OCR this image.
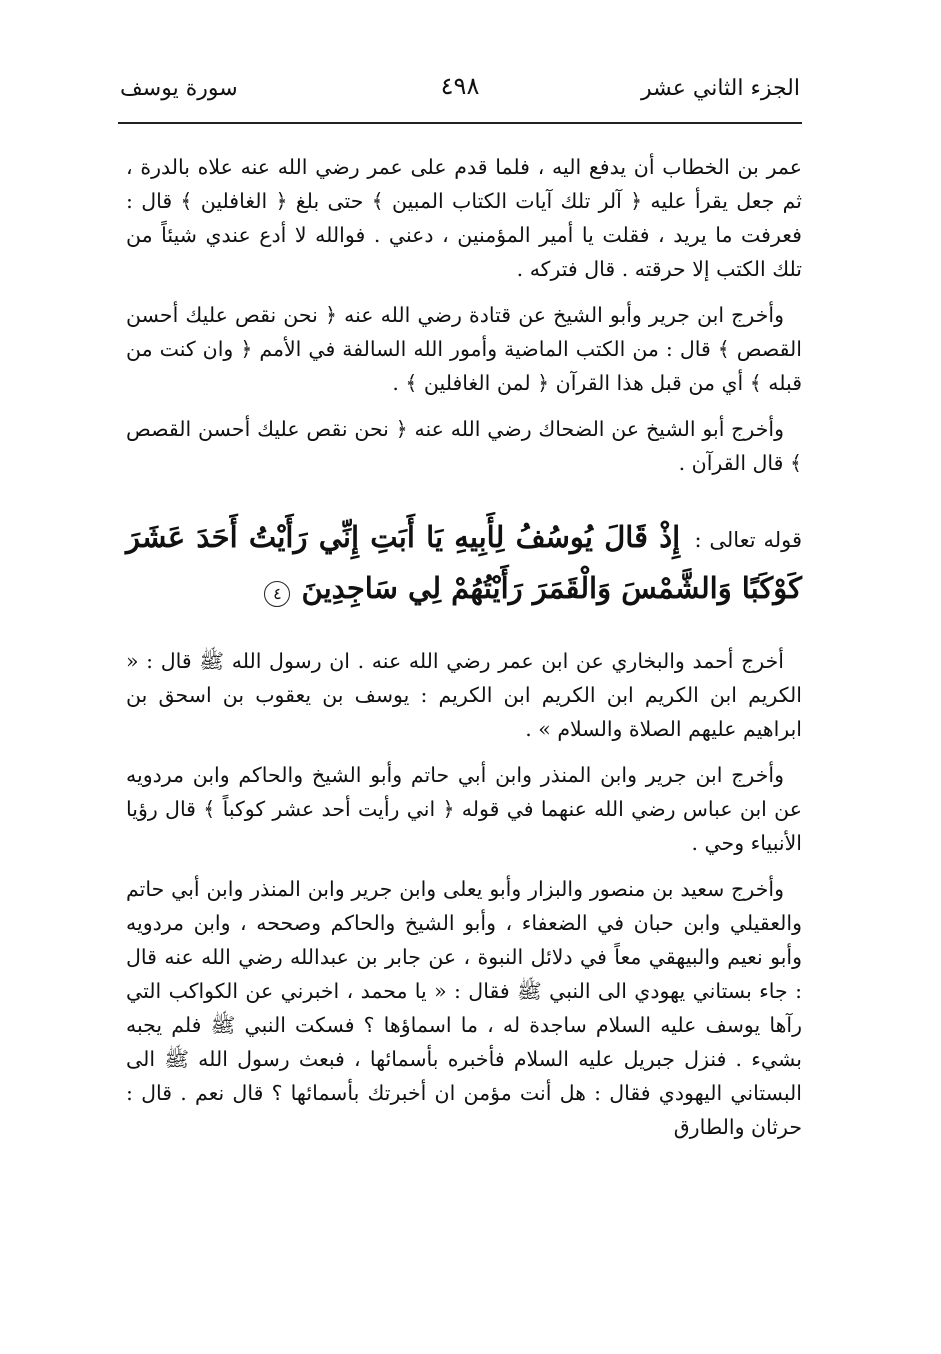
الجزء الثاني عشر
٤٩٨
سورة يوسف

عمر بن الخطاب أن يدفع اليه ، فلما قدم على عمر رضي الله عنه علاه بالدرة ، ثم جعل يقرأ عليه ﴿ آلر تلك آيات الكتاب المبين ﴾ حتى بلغ ﴿ الغافلين ﴾ قال : فعرفت ما يريد ، فقلت يا أمير المؤمنين ، دعني . فوالله لا أدع عندي شيئاً من تلك الكتب إلا حرقته . قال فتركه .

وأخرج ابن جرير وأبو الشيخ عن قتادة رضي الله عنه ﴿ نحن نقص عليك أحسن القصص ﴾ قال : من الكتب الماضية وأمور الله السالفة في الأمم ﴿ وان كنت من قبله ﴾ أي من قبل هذا القرآن ﴿ لمن الغافلين ﴾ .

وأخرج أبو الشيخ عن الضحاك رضي الله عنه ﴿ نحن نقص عليك أحسن القصص ﴾ قال القرآن .

قوله تعالى : إِذْ قَالَ يُوسُفُ لِأَبِيهِ يَا أَبَتِ إِنِّي رَأَيْتُ أَحَدَ عَشَرَ كَوْكَبًا وَالشَّمْسَ وَالْقَمَرَ رَأَيْتُهُمْ لِي سَاجِدِينَ ٤

أخرج أحمد والبخاري عن ابن عمر رضي الله عنه . ان رسول الله ﷺ قال : « الكريم ابن الكريم ابن الكريم ابن الكريم : يوسف بن يعقوب بن اسحق بن ابراهيم عليهم الصلاة والسلام » .

وأخرج ابن جرير وابن المنذر وابن أبي حاتم وأبو الشيخ والحاكم وابن مردويه عن ابن عباس رضي الله عنهما في قوله ﴿ اني رأيت أحد عشر كوكباً ﴾ قال رؤيا الأنبياء وحي .

وأخرج سعيد بن منصور والبزار وأبو يعلى وابن جرير وابن المنذر وابن أبي حاتم والعقيلي وابن حبان في الضعفاء ، وأبو الشيخ والحاكم وصححه ، وابن مردويه وأبو نعيم والبيهقي معاً في دلائل النبوة ، عن جابر بن عبدالله رضي الله عنه قال : جاء بستاني يهودي الى النبي ﷺ فقال : « يا محمد ، اخبرني عن الكواكب التي رآها يوسف عليه السلام ساجدة له ، ما اسماؤها ؟ فسكت النبي ﷺ فلم يجبه بشيء . فنزل جبريل عليه السلام فأخبره بأسمائها ، فبعث رسول الله ﷺ الى البستاني اليهودي فقال : هل أنت مؤمن ان أخبرتك بأسمائها ؟ قال نعم . قال : حرثان والطارق
